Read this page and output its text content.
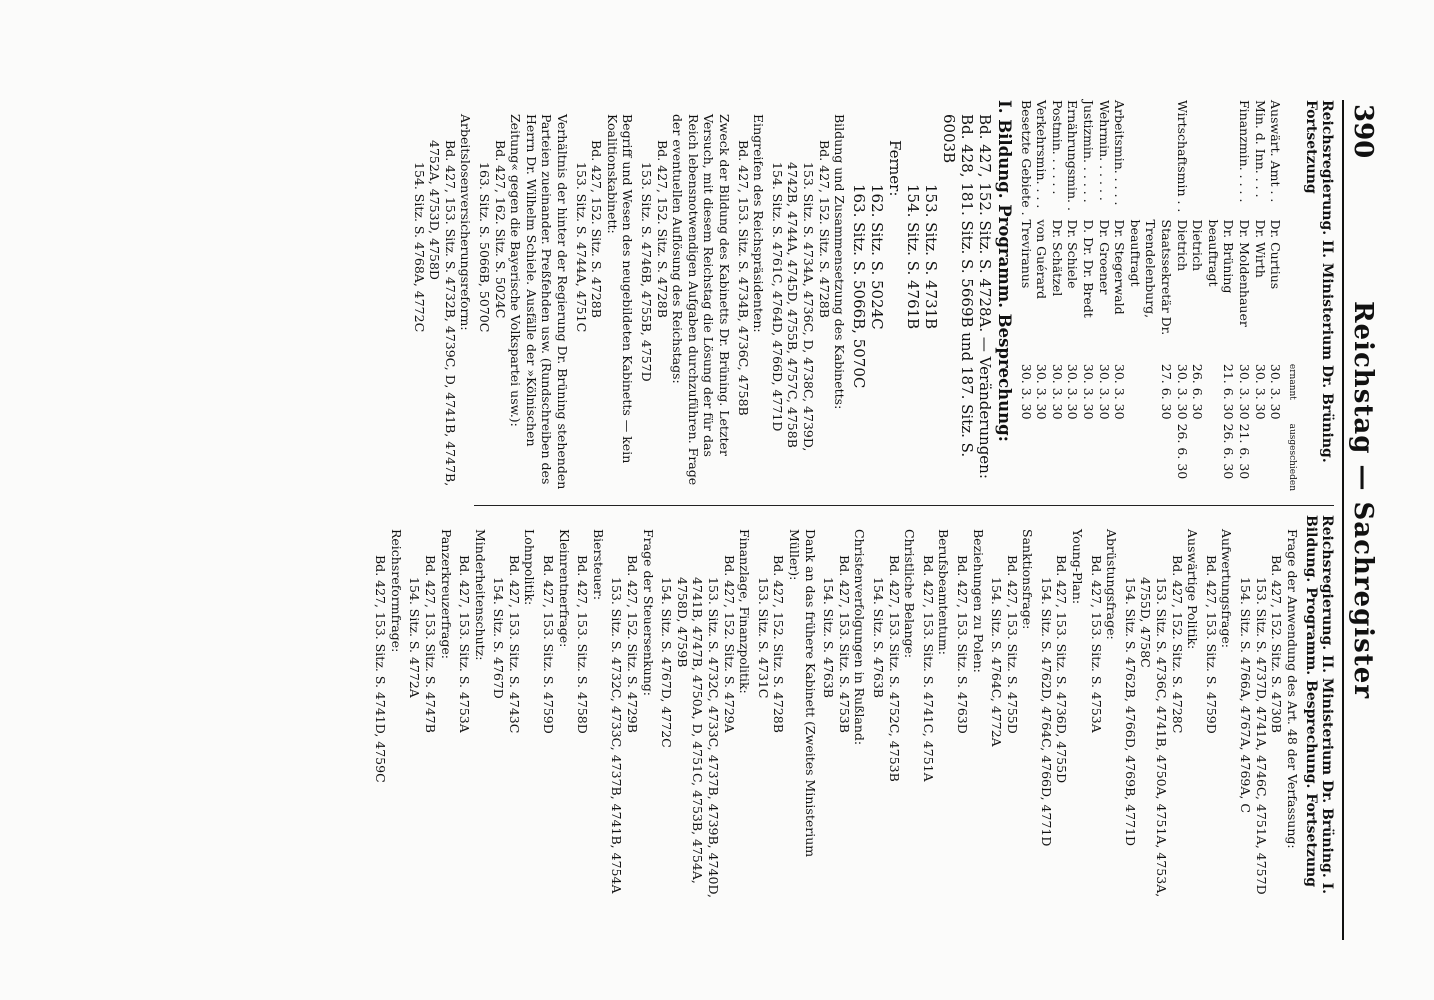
390
Reichstag — Sachregister

Reichsregierung. II. Ministerium Dr. Brüning. Fortsetzung

		ernannt	ausgeschieden
Auswärt. Amt . .	Dr. Curtius	30. 3. 30	
Min. d. Inn. . . .	Dr. Wirth	30. 3. 30	
Finanzmin. . . . .	Dr. Moldenhauer	30. 3. 30	21. 6. 30
	Dr. Brüning beauftragt	21. 6. 30	26. 6. 30
	Dietrich	26. 6. 30	
Wirtschaftsmin . .	Dietrich	30. 3. 30	26. 6. 30
	Staatssekretär Dr. Trendelenburg, beauftragt	27. 6. 30	
Arbeitsmin. . . . .	Dr. Stegerwald	30. 3. 30	
Wehrmin. . . . . .	Dr. Groener	30. 3. 30	
Justizmin. . . . . .	D. Dr. Dr. Bredt	30. 3. 30	
Ernährungsmin. .	Dr. Schiele	30. 3. 30	
Postmin. . . . . .	Dr. Schätzel	30. 3. 30	
Verkehrsmin. . . .	von Guérard	30. 3. 30	
Besetzte Gebiete .	Treviranus	30. 3. 30	

I. Bildung. Programm. Besprechung:

Bd. 427, 152. Sitz. S. 4728A. — Veränderungen: Bd. 428, 181. Sitz. S. 5669B und 187. Sitz. S. 6003B

153. Sitz. S. 4731B

154. Sitz. S. 4761B

Ferner:

162. Sitz. S. 5024C

163. Sitz. S. 5066B, 5070C

Bildung und Zusammensetzung des Kabinetts:

Bd. 427, 152. Sitz. S. 4728B

153. Sitz. S. 4734A, 4736C, D, 4738C, 4739D, 4742B, 4744A, 4745D, 4755B, 4757C, 4758B

154. Sitz. S. 4761C, 4764D, 4766D, 4771D

Eingreifen des Reichspräsidenten:

Bd. 427, 153. Sitz. S. 4734B, 4736C, 4758B

Zweck der Bildung des Kabinetts Dr. Brüning. Letzter Versuch, mit diesem Reichstag die Lösung der für das Reich lebensnotwendigen Aufgaben durchzuführen. Frage der eventuellen Auflösung des Reichstags:

Bd. 427, 152. Sitz. S. 4728B

153. Sitz. S. 4746B, 4755B, 4757D

Begriff und Wesen des neugebildeten Kabinetts — kein Koalitionskabinett:

Bd. 427, 152. Sitz. S. 4728B

153. Sitz. S. 4744A, 4751C

Verhältnis der hinter der Regierung Dr. Brüning stehenden Parteien zueinander. Preßfehden usw. (Rundschreiben des Herrn Dr. Wilhelm Schiele. Ausfälle der »Kölnischen Zeitung« gegen die Bayerische Volkspartei usw.):

Bd. 427, 162. Sitz. S. 5024C

163. Sitz. S. 5066B, 5070C

Arbeitslosenversicherungsreform:

Bd. 427, 153. Sitz. S. 4732B, 4739C, D, 4741B, 4747B, 4752A, 4753D, 4758D

154. Sitz. S. 4768A, 4772C

Reichsregierung. II. Ministerium Dr. Brüning. I. Bildung. Programm. Besprechung. Fortsetzung

Frage der Anwendung des Art. 48 der Verfassung:

Bd. 427, 152. Sitz. S. 4730B

153. Sitz. S. 4737D, 4741A, 4746C, 4751A, 4757D

154. Sitz. S. 4766A, 4767A, 4769A, C

Aufwertungsfrage:

Bd. 427, 153. Sitz. S. 4759D

Auswärtige Politik:

Bd. 427, 152. Sitz. S. 4728C

153. Sitz. S. 4736C, 4741B, 4750A, 4751A, 4753A, 4755D, 4758C

154. Sitz. S. 4762B, 4766D, 4769B, 4771D

Abrüstungsfrage:

Bd. 427, 153. Sitz. S. 4753A

Young-Plan:

Bd. 427, 153. Sitz. S. 4736D, 4755D

154. Sitz. S. 4762D, 4764C, 4766D, 4771D

Sanktionsfrage:

Bd. 427, 153. Sitz. S. 4755D

154. Sitz. S. 4764C, 4772A

Beziehungen zu Polen:

Bd. 427, 153. Sitz. S. 4763D

Berufsbeamtentum:

Bd. 427, 153. Sitz. S. 4741C, 4751A

Christliche Belange:

Bd. 427, 153. Sitz. S. 4752C, 4753B

154. Sitz. S. 4763B

Christenverfolgungen in Rußland:

Bd. 427, 153. Sitz. S. 4753B

154. Sitz. S. 4763B

Dank an das frühere Kabinett (Zweites Ministerium Müller):

Bd. 427, 152. Sitz. S. 4728B

153. Sitz. S. 4731C

Finanzlage, Finanzpolitik:

Bd. 427, 152. Sitz. S. 4729A

153. Sitz. S. 4732C, 4733C, 4737B, 4739B, 4740D, 4741B, 4747B, 4750A, D, 4751C, 4753B, 4754A, 4758D, 4759B

154. Sitz. S. 4767D, 4772C

Frage der Steuersenkung:

Bd. 427, 152. Sitz. S. 4729B

153. Sitz. S. 4732C, 4733C, 4737B, 4741B, 4754A

Biersteuer:

Bd. 427, 153. Sitz. S. 4758D

Kleinrentnerfrage:

Bd. 427, 153. Sitz. S. 4759D

Lohnpolitik:

Bd. 427, 153. Sitz. S. 4743C

154. Sitz. S. 4767D

Minderheitenschutz:

Bd. 427, 153. Sitz. S. 4753A

Panzerkreuzerfrage:

Bd. 427, 153. Sitz. S. 4747B

154. Sitz. S. 4772A

Reichsreformfrage:

Bd. 427, 153. Sitz. S. 4741D, 4759C
